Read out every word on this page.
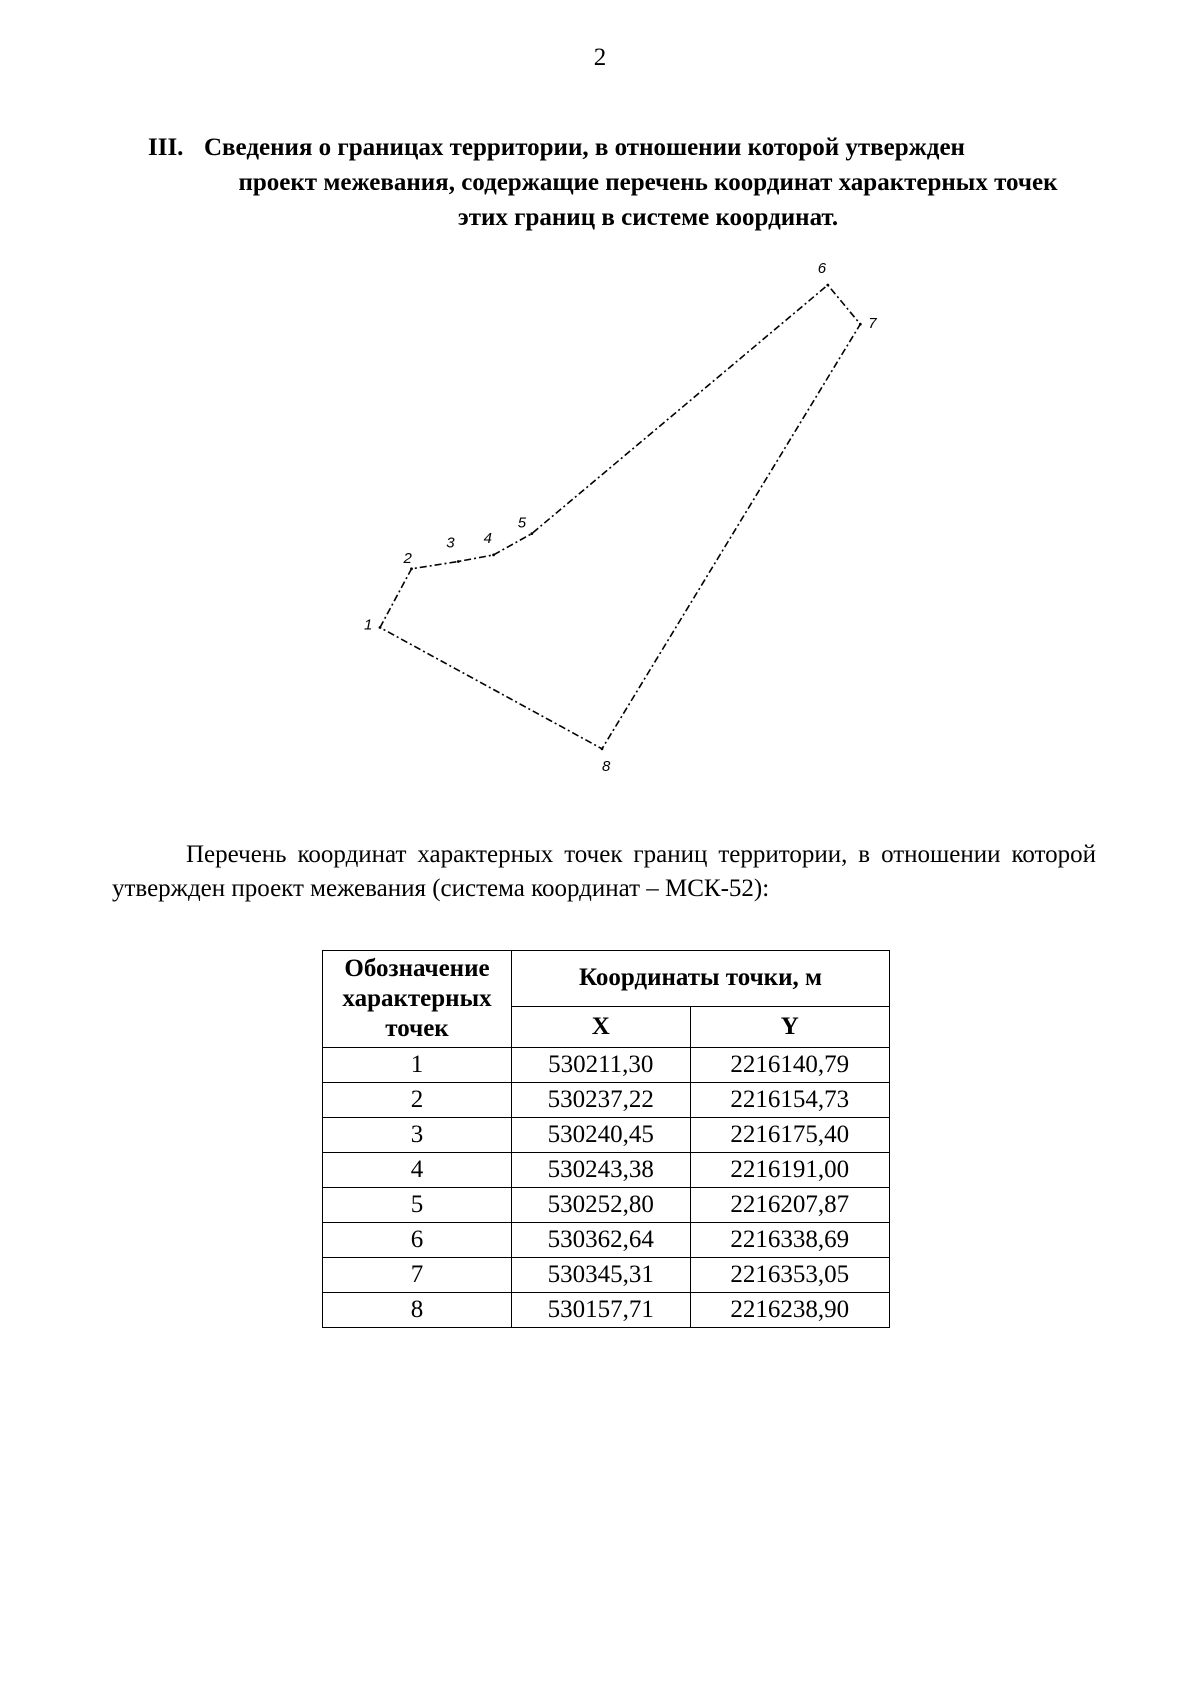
2
III. Сведения о границах территории, в отношении которой утвержден
проект межевания, содержащие перечень координат характерных точек
этих границ в системе координат.
1
2
3 4
5
6
7
8
Перечень координат характерных точек границ территории, в отношении которой утвержден проект межевания (система координат – МСК-52):
Обозначение характерных точек	Координаты точки, м	
	X	Y
1	530211,30	2216140,79
2	530237,22	2216154,73
3	530240,45	2216175,40
4	530243,38	2216191,00
5	530252,80	2216207,87
6	530362,64	2216338,69
7	530345,31	2216353,05
8	530157,71	2216238,90
